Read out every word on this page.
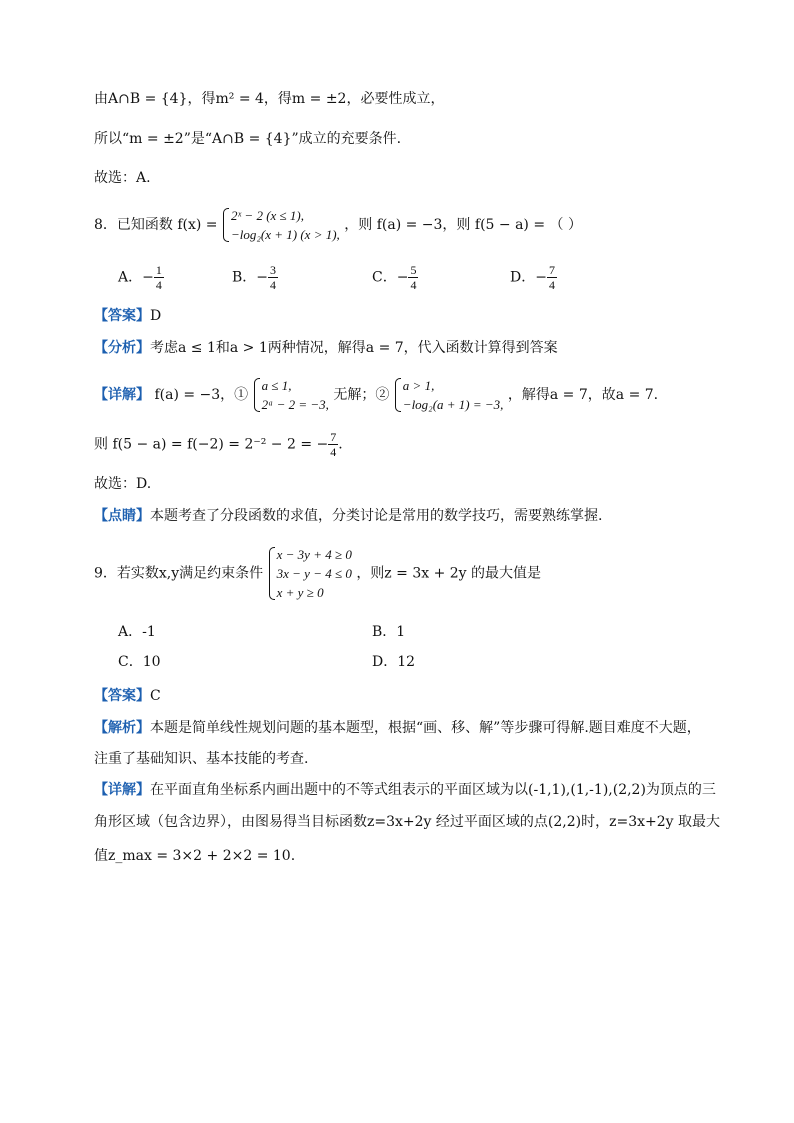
由A∩B = {4}，得m² = 4，得m = ±2，必要性成立，
所以“m = ±2”是“A∩B = {4}”成立的充要条件.
故选：A.
8．已知函数 f(x) =
2ˣ − 2 (x ≤ 1),
−log₂(x + 1) (x > 1),
，则 f(a) = −3，则 f(5 − a) = （ ）
A．− $\frac{1}{4}$	B．− $\frac{3}{4}$	C．− $\frac{5}{4}$	D．− $\frac{7}{4}$
【答案】D
【分析】考虑a ≤ 1和a > 1两种情况，解得a = 7，代入函数计算得到答案
【详解】 f(a) = −3，①
a ≤ 1,
2ᵃ − 2 = −3,
无解；②
a > 1,
−log₂(a + 1) = −3,
，解得a = 7，故a = 7.
则 f(5 − a) = f(−2) = 2⁻² − 2 = − $\frac{7}{4}$ .
故选：D.
【点睛】本题考查了分段函数的求值，分类讨论是常用的数学技巧，需要熟练掌握.
9．若实数x,y满足约束条件
x − 3y + 4 ≥ 0
3x − y − 4 ≤ 0
x + y ≥ 0
，则z = 3x + 2y 的最大值是
A．-1	B．1
C．10	D．12
【答案】C
【解析】本题是简单线性规划问题的基本题型，根据“画、移、解”等步骤可得解.题目难度不大题，
注重了基础知识、基本技能的考查.
【详解】在平面直角坐标系内画出题中的不等式组表示的平面区域为以(-1,1),(1,-1),(2,2)为顶点的三
角形区域（包含边界），由图易得当目标函数z=3x+2y 经过平面区域的点(2,2)时，z=3x+2y 取最大
值z_max = 3×2 + 2×2 = 10.
